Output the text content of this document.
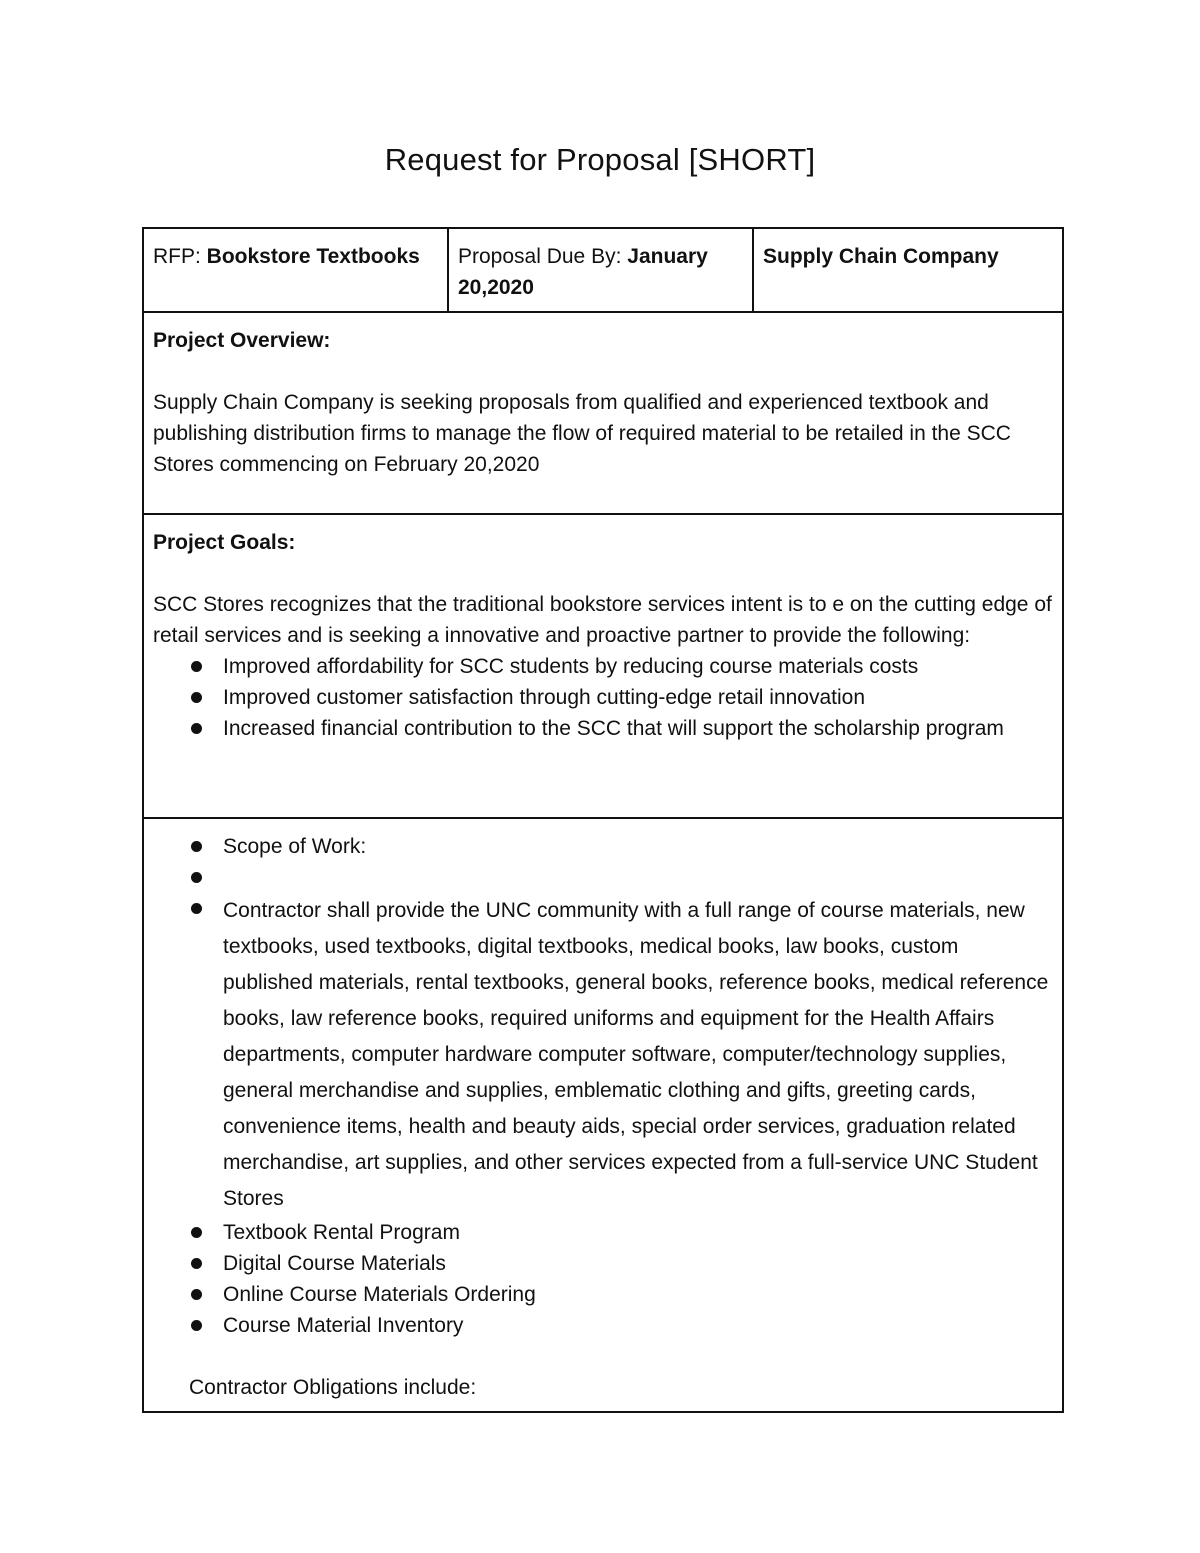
Request for Proposal [SHORT]
RFP: Bookstore Textbooks	Proposal Due By: January 20,2020	Supply Chain Company

Project Overview:

Supply Chain Company is seeking proposals from qualified and experienced textbook and publishing distribution firms to manage the flow of required material to be retailed in the SCC Stores commencing on February 20,2020

Project Goals:

SCC Stores recognizes that the traditional bookstore services intent is to e on the cutting edge of retail services and is seeking a innovative and proactive partner to provide the following:

Improved affordability for SCC students by reducing course materials costs
Improved customer satisfaction through cutting-edge retail innovation
Increased financial contribution to the SCC that will support the scholarship program

Scope of Work:
Contractor shall provide the UNC community with a full range of course materials, new textbooks, used textbooks, digital textbooks, medical books, law books, custom published materials, rental textbooks, general books, reference books, medical reference books, law reference books, required uniforms and equipment for the Health Affairs departments, computer hardware computer software, computer/technology supplies, general merchandise and supplies, emblematic clothing and gifts, greeting cards, convenience items, health and beauty aids, special order services, graduation related merchandise, art supplies, and other services expected from a full-service UNC Student Stores
Textbook Rental Program
Digital Course Materials
Online Course Materials Ordering
Course Material Inventory

Contractor Obligations include:
